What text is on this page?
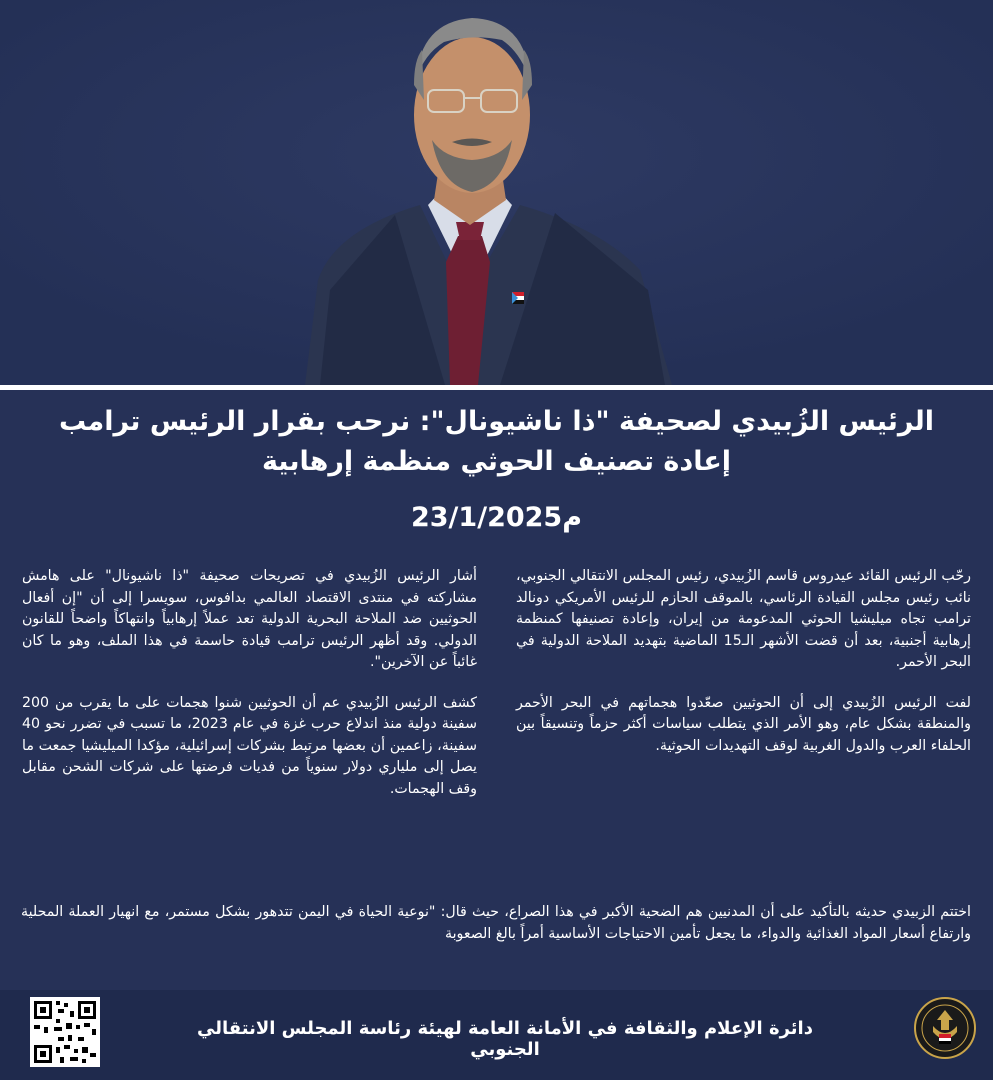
الرئيس الزُبيدي لصحيفة "ذا ناشيونال": نرحب بقرار الرئيس ترامب إعادة تصنيف الحوثي منظمة إرهابية
23/1/2025م

رحّب الرئيس القائد عيدروس قاسم الزُبيدي، رئيس المجلس الانتقالي الجنوبي، نائب رئيس مجلس القيادة الرئاسي، بالموقف الحازم للرئيس الأمريكي دونالد ترامب تجاه ميليشيا الحوثي المدعومة من إيران، وإعادة تصنيفها كمنظمة إرهابية أجنبية، بعد أن قضت الأشهر الـ15 الماضية بتهديد الملاحة الدولية في البحر الأحمر.

لفت الرئيس الزُبيدي إلى أن الحوثيين صعّدوا هجماتهم في البحر الأحمر والمنطقة بشكل عام، وهو الأمر الذي يتطلب سياسات أكثر حزماً وتنسيقاً بين الحلفاء العرب والدول الغربية لوقف التهديدات الحوثية.

أشار الرئيس الزُبيدي في تصريحات صحيفة "ذا ناشيونال" على هامش مشاركته في منتدى الاقتصاد العالمي بدافوس، سويسرا إلى أن "إن أفعال الحوثيين ضد الملاحة البحرية الدولية تعد عملاً إرهابياً وانتهاكاً واضحاً للقانون الدولي. وقد أظهر الرئيس ترامب قيادة حاسمة في هذا الملف، وهو ما كان غائباً عن الآخرين".

كشف الرئيس الزُبيدي عم أن الحوثيين شنوا هجمات على ما يقرب من 200 سفينة دولية منذ اندلاع حرب غزة في عام 2023، ما تسبب في تضرر نحو 40 سفينة، زاعمين أن بعضها مرتبط بشركات إسرائيلية، مؤكدا الميليشيا جمعت ما يصل إلى ملياري دولار سنوياً من فديات فرضتها على شركات الشحن مقابل وقف الهجمات.

اختتم الزبيدي حديثه بالتأكيد على أن المدنيين هم الضحية الأكبر في هذا الصراع، حيث قال: "نوعية الحياة في اليمن تتدهور بشكل مستمر، مع انهيار العملة المحلية وارتفاع أسعار المواد الغذائية والدواء، ما يجعل تأمين الاحتياجات الأساسية أمراً بالغ الصعوبة

دائرة الإعلام والثقافة في الأمانة العامة لهيئة رئاسة المجلس الانتقالي الجنوبي
